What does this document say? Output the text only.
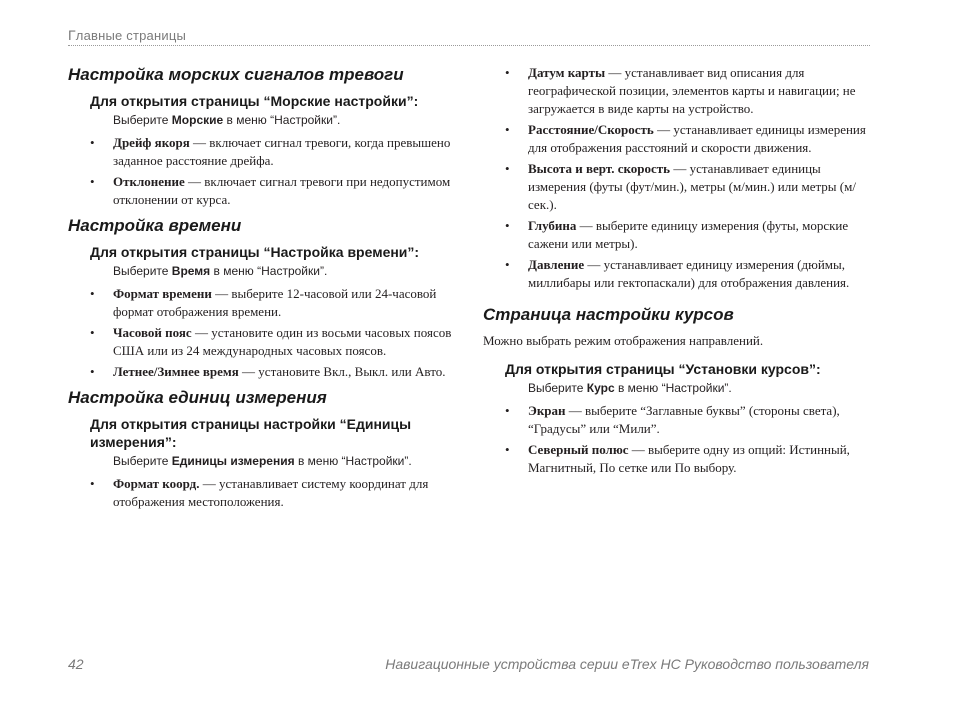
Главные страницы
Настройка морских сигналов тревоги
Для открытия страницы “Морские настройки”:
Выберите Морские в меню “Настройки”.
• Дрейф якоря — включает сигнал тревоги, когда превышено заданное расстояние дрейфа.
• Отклонение — включает сигнал тревоги при недопустимом отклонении от курса.
Настройка времени
Для открытия страницы “Настройка времени”:
Выберите Время в меню “Настройки”.
• Формат времени — выберите 12-часовой или 24-часовой формат отображения времени.
• Часовой пояс — установите один из восьми часовых поясов США или из 24 международных часовых поясов.
• Летнее/Зимнее время — установите Вкл., Выкл. или Авто.
Настройка единиц измерения
Для открытия страницы настройки “Единицы измерения”:
Выберите Единицы измерения в меню “Настройки”.
• Формат коорд. — устанавливает систему координат для отображения местоположения.
• Датум карты — устанавливает вид описания для географической позиции, элементов карты и навигации; не загружается в виде карты на устройство.
• Расстояние/Скорость — устанавливает единицы измерения для отображения расстояний и скорости движения.
• Высота и верт. скорость — устанавливает единицы измерения (футы (фут/мин.), метры (м/мин.) или метры (м/сек.).
• Глубина — выберите единицу измерения (футы, морские сажени или метры).
• Давление — устанавливает единицу измерения (дюймы, миллибары или гектопаскали) для отображения давления.
Страница настройки курсов

Можно выбрать режим отображения направлений.

Для открытия страницы “Установки курсов”:
Выберите Курс в меню “Настройки”.
• Экран — выберите “Заглавные буквы” (стороны света), “Градусы” или “Мили”.
• Северный полюс — выберите одну из опций: Истинный, Магнитный, По сетке или По выбору.
42	Навигационные устройства серии eTrex HC Руководство пользователя
